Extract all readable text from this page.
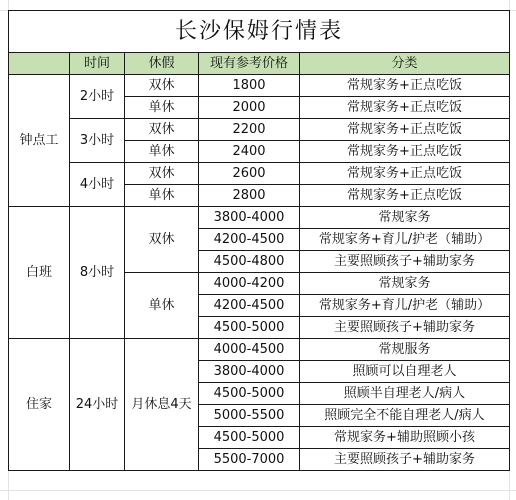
长沙保姆行情表				
	时间	休假	现有参考价格	分类
钟点工	2小时	双休	1800	常规家务+正点吃饭
		单休	2000	常规家务+正点吃饭
	3小时	双休	2200	常规家务+正点吃饭
		单休	2400	常规家务+正点吃饭
	4小时	双休	2600	常规家务+正点吃饭
		单休	2800	常规家务+正点吃饭
白班	8小时	双休	3800-4000	常规家务
			4200-4500	常规家务+育儿/护老（辅助）
			4500-4800	主要照顾孩子+辅助家务
		单休	4000-4200	常规家务
			4200-4500	常规家务+育儿/护老（辅助）
			4500-5000	主要照顾孩子+辅助家务
住家	24小时	月休息4天	4000-4500	常规服务
			3800-4000	照顾可以自理老人
			4500-5000	照顾半自理老人/病人
			5000-5500	照顾完全不能自理老人/病人
			4500-5000	常规家务+辅助照顾小孩
			5500-7000	主要照顾孩子+辅助家务
